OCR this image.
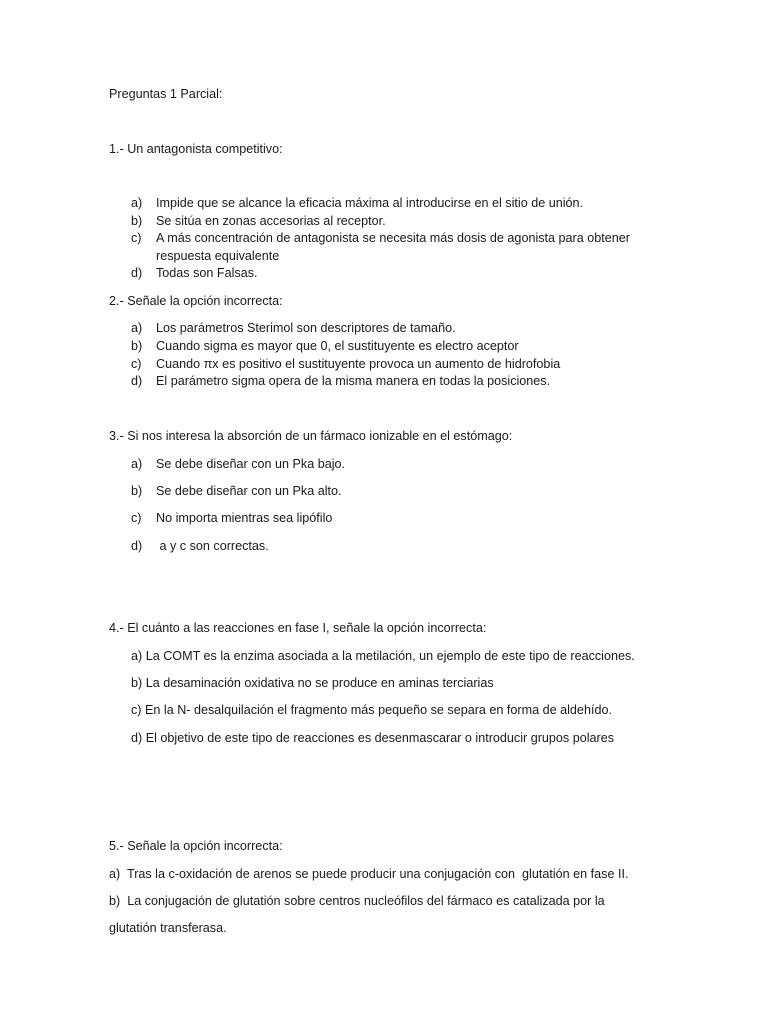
Preguntas 1 Parcial:
1.- Un antagonista competitivo:
a) Impide que se alcance la eficacia máxima al introducirse en el sitio de unión.
b) Se sitúa en zonas accesorias al receptor.
c) A más concentración de antagonista se necesita más dosis de agonista para obtener
respuesta equivalente
d) Todas son Falsas.
2.- Señale la opción incorrecta:
a) Los parámetros Sterimol son descriptores de tamaño.
b) Cuando sigma es mayor que 0, el sustituyente es electro aceptor
c) Cuando πx es positivo el sustituyente provoca un aumento de hidrofobia
d) El parámetro sigma opera de la misma manera en todas la posiciones.
3.- Si nos interesa la absorción de un fármaco ionizable en el estómago:
a) Se debe diseñar con un Pka bajo.
b) Se debe diseñar con un Pka alto.
c) No importa mientras sea lipófilo
d) a y c son correctas.
4.- El cuánto a las reacciones en fase I, señale la opción incorrecta:
a) La COMT es la enzima asociada a la metilación, un ejemplo de este tipo de reacciones.
b) La desaminación oxidativa no se produce en aminas terciarias
c) En la N- desalquilación el fragmento más pequeño se separa en forma de aldehído.
d) El objetivo de este tipo de reacciones es desenmascarar o introducir grupos polares
5.- Señale la opción incorrecta:
a)  Tras la c-oxidación de arenos se puede producir una conjugación con  glutatión en fase II.
b)  La conjugación de glutatión sobre centros nucleófilos del fármaco es catalizada por la
glutatión transferasa.
